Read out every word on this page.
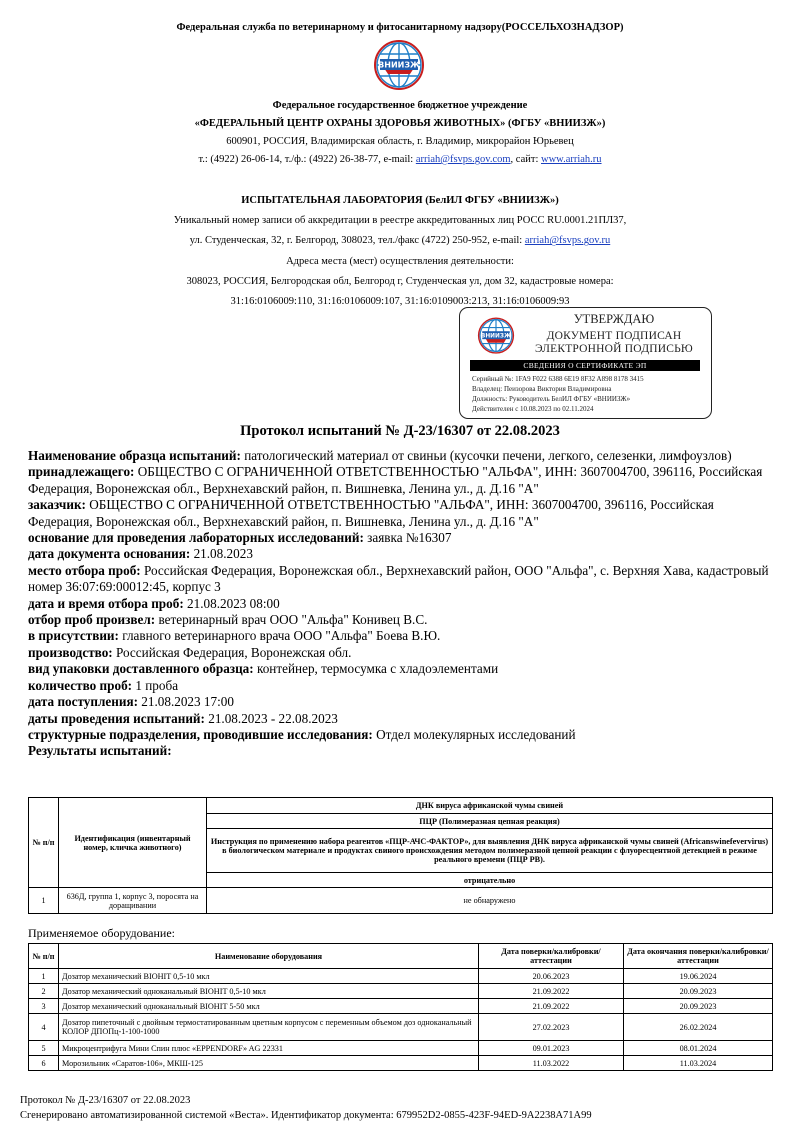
Федеральная служба по ветеринарному и фитосанитарному надзору(РОССЕЛЬХОЗНАДЗОР)
ВНИИЗЖ
Федеральное государственное бюджетное учреждение
«ФЕДЕРАЛЬНЫЙ ЦЕНТР ОХРАНЫ ЗДОРОВЬЯ ЖИВОТНЫХ» (ФГБУ «ВНИИЗЖ»)
600901, РОССИЯ, Владимирская область, г. Владимир, микрорайон Юрьевец
т.: (4922) 26-06-14, т./ф.: (4922) 26-38-77, e-mail: arriah@fsvps.gov.com, сайт: www.arriah.ru
ИСПЫТАТЕЛЬНАЯ ЛАБОРАТОРИЯ (БелИЛ ФГБУ «ВНИИЗЖ»)
Уникальный номер записи об аккредитации в реестре аккредитованных лиц РОСС RU.0001.21ПЛ37,
ул. Студенческая, 32, г. Белгород, 308023, тел./факс (4722) 250-952, e-mail: arriah@fsvps.gov.ru
Адреса места (мест) осуществления деятельности:
308023, РОССИЯ, Белгородская обл, Белгород г, Студенческая ул, дом 32, кадастровые номера:
31:16:0106009:110, 31:16:0106009:107, 31:16:0109003:213, 31:16:0106009:93
ВНИИЗЖ
УТВЕРЖДАЮ
ДОКУМЕНТ ПОДПИСАН
ЭЛЕКТРОННОЙ ПОДПИСЬЮ
СВЕДЕНИЯ О СЕРТИФИКАТЕ ЭП
Серийный №: 1FA9 F022 6388 6E19 8F32 A898 8178 3415
Владелец: Пеизорова Виктория Владимировна
Должность: Руководитель БелИЛ ФГБУ «ВНИИЗЖ»
Действителен с 10.08.2023 по 02.11.2024
Протокол испытаний № Д-23/16307 от 22.08.2023

Наименование образца испытаний: патологический материал от свиньи (кусочки печени, легкого, селезенки, лимфоузлов)

принадлежащего: ОБЩЕСТВО С ОГРАНИЧЕННОЙ ОТВЕТСТВЕННОСТЬЮ "АЛЬФА", ИНН: 3607004700, 396116, Российская Федерация, Воронежская обл., Верхнехавский район, п. Вишневка, Ленина ул., д. Д.16 "А"

заказчик: ОБЩЕСТВО С ОГРАНИЧЕННОЙ ОТВЕТСТВЕННОСТЬЮ "АЛЬФА", ИНН: 3607004700, 396116, Российская Федерация, Воронежская обл., Верхнехавский район, п. Вишневка, Ленина ул., д. Д.16 "А"

основание для проведения лабораторных исследований: заявка №16307

дата документа основания: 21.08.2023

место отбора проб: Российская Федерация, Воронежская обл., Верхнехавский район, ООО "Альфа", с. Верхняя Хава, кадастровый номер 36:07:69:00012:45, корпус 3

дата и время отбора проб: 21.08.2023 08:00

отбор проб произвел: ветеринарный врач ООО "Альфа" Конивец В.С.

в присутствии: главного ветеринарного врача ООО "Альфа" Боева В.Ю.

производство: Российская Федерация, Воронежская обл.

вид упаковки доставленного образца: контейнер, термосумка с хладоэлементами

количество проб: 1 проба

дата поступления: 21.08.2023 17:00

даты проведения испытаний: 21.08.2023 - 22.08.2023

структурные подразделения, проводившие исследования: Отдел молекулярных исследований

Результаты испытаний:

№ п/п	Идентификация (инвентарный номер, кличка животного)	ДНК вируса африканской чумы свиней
		ПЦР (Полимеразная цепная реакция)
		Инструкция по применению набора реагентов «ПЦР-АЧС-ФАКТОР», для выявления ДНК вируса африканской чумы свиней (Africanswinefevervirus) в биологическом материале и продуктах свиного происхождения методом полимеразной цепной реакции с флуоресцентной детекцией в режиме реального времени (ПЦР РВ).
		отрицательно
1	636Д, группа 1, корпус 3, поросята на доращивании	не обнаружено
Применяемое оборудование:
№ п/п	Наименование оборудования	Дата поверки/калибровки/аттестации	Дата окончания поверки/калибровки/аттестации
1	Дозатор механический BIOHIT 0,5-10 мкл	20.06.2023	19.06.2024
2	Дозатор механический одноканальный BIOHIT 0,5-10 мкл	21.09.2022	20.09.2023
3	Дозатор механический одноканальный BIOHIT 5-50 мкл	21.09.2022	20.09.2023
4	Дозатор пипеточный с двойным термостатированным цветным корпусом с переменным объемом доз одноканальный КОЛОР ДПОПц-1-100-1000	27.02.2023	26.02.2024
5	Микроцентрифуга Мини Спин плюс «EPPENDORF» AG 22331	09.01.2023	08.01.2024
6	Морозильник «Саратов-106», МКШ-125	11.03.2022	11.03.2024
Протокол № Д-23/16307 от 22.08.2023
Сгенерировано автоматизированной системой «Веста». Идентификатор документа: 679952D2-0855-423F-94ED-9A2238A71A99
